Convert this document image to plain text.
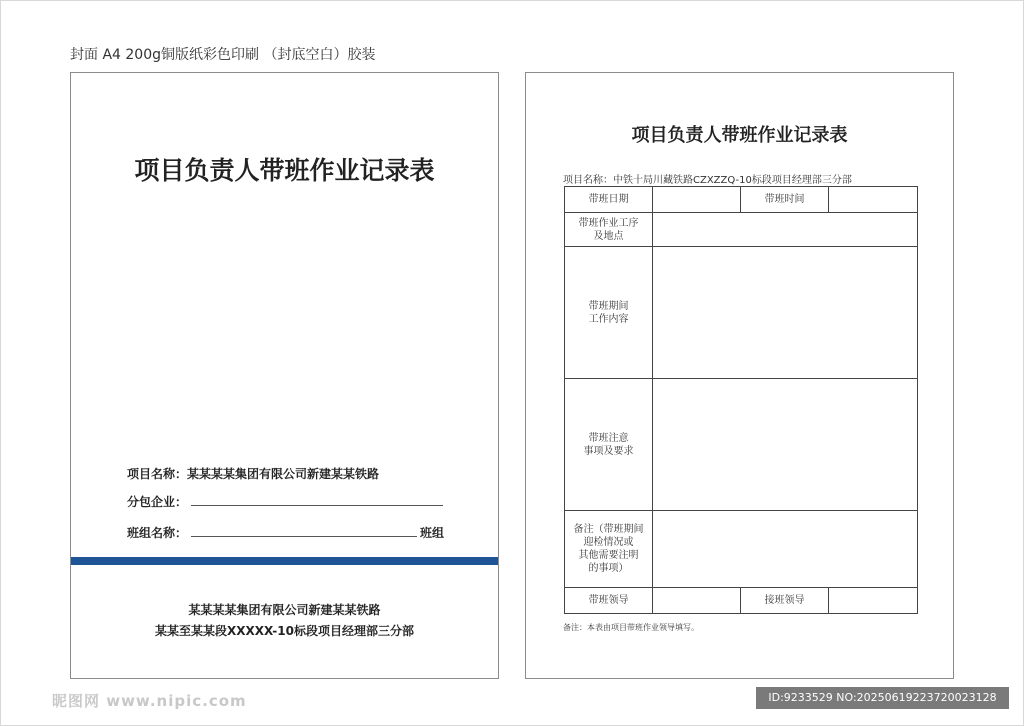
封面 A4 200g铜版纸彩色印刷 （封底空白）胶装
项目负责人带班作业记录表
项目名称：某某某某集团有限公司新建某某铁路
分包企业：
班组名称：	班组
某某某某集团有限公司新建某某铁路
某某至某某段XXXXX-10标段项目经理部三分部
项目负责人带班作业记录表
项目名称：中铁十局川藏铁路CZXZZQ-10标段项目经理部三分部
带班日期		带班时间	
带班作业工序
及地点			
带班期间
工作内容			
带班注意
事项及要求			
备注（带班期间
迎检情况或
其他需要注明
的事项）			
带班领导		接班领导	
备注：本表由项目带班作业领导填写。
昵图网 www.nipic.com	ID:9233529 NO:20250619223720023128
